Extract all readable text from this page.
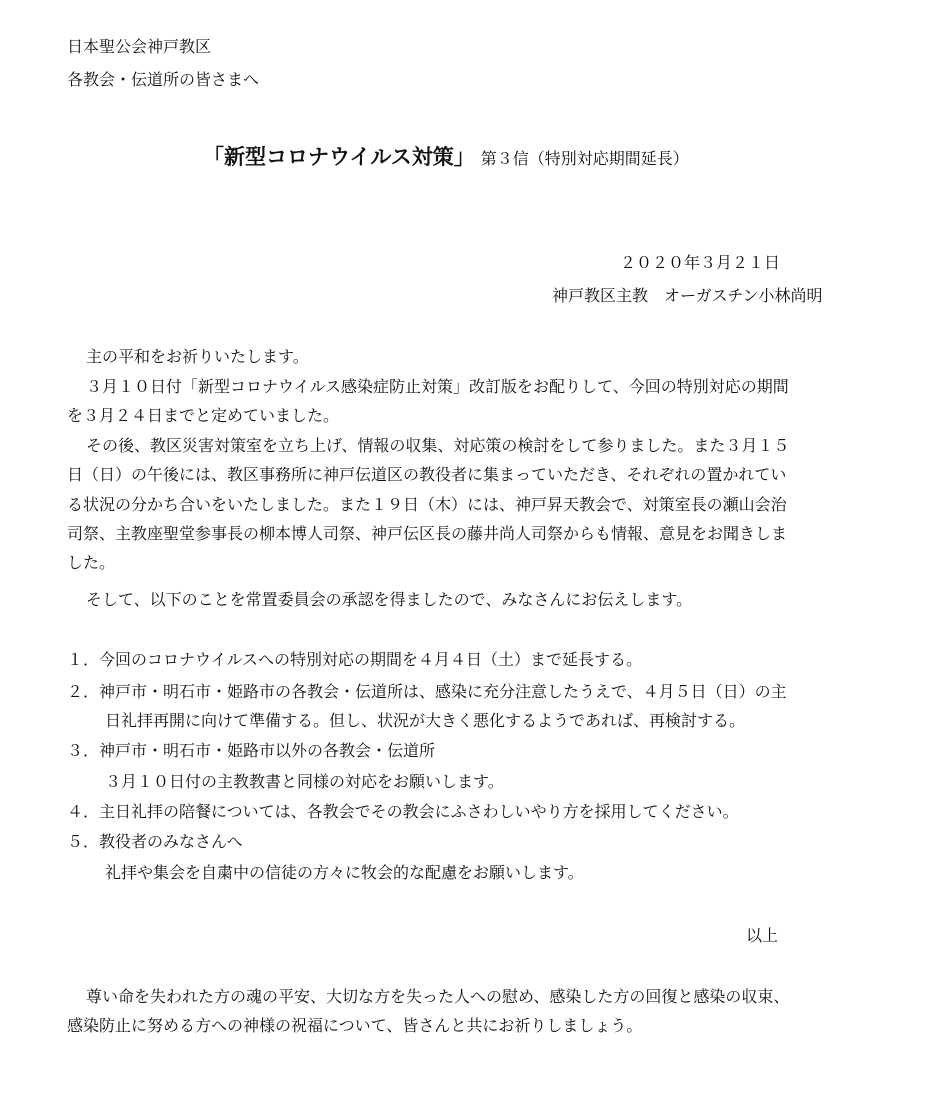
日本聖公会神戸教区
各教会・伝道所の皆さまへ
「新型コロナウイルス対策」 第３信（特別対応期間延長）
２０２０年３月２１日
神戸教区主教　オーガスチン小林尚明
主の平和をお祈りいたします。
３月１０日付「新型コロナウイルス感染症防止対策」改訂版をお配りして、今回の特別対応の期間
を３月２４日までと定めていました。
その後、教区災害対策室を立ち上げ、情報の収集、対応策の検討をして参りました。また３月１５
日（日）の午後には、教区事務所に神戸伝道区の教役者に集まっていただき、それぞれの置かれてい
る状況の分かち合いをいたしました。また１９日（木）には、神戸昇天教会で、対策室長の瀬山会治
司祭、主教座聖堂参事長の柳本博人司祭、神戸伝区長の藤井尚人司祭からも情報、意見をお聞きしま
した。
そして、以下のことを常置委員会の承認を得ましたので、みなさんにお伝えします。
１．今回のコロナウイルスへの特別対応の期間を４月４日（土）まで延長する。
２．神戸市・明石市・姫路市の各教会・伝道所は、感染に充分注意したうえで、４月５日（日）の主
日礼拝再開に向けて準備する。但し、状況が大きく悪化するようであれば、再検討する。
３．神戸市・明石市・姫路市以外の各教会・伝道所
３月１０日付の主教教書と同様の対応をお願いします。
４．主日礼拝の陪餐については、各教会でその教会にふさわしいやり方を採用してください。
５．教役者のみなさんへ
礼拝や集会を自粛中の信徒の方々に牧会的な配慮をお願いします。
以上
尊い命を失われた方の魂の平安、大切な方を失った人への慰め、感染した方の回復と感染の収束、
感染防止に努める方への神様の祝福について、皆さんと共にお祈りしましょう。
